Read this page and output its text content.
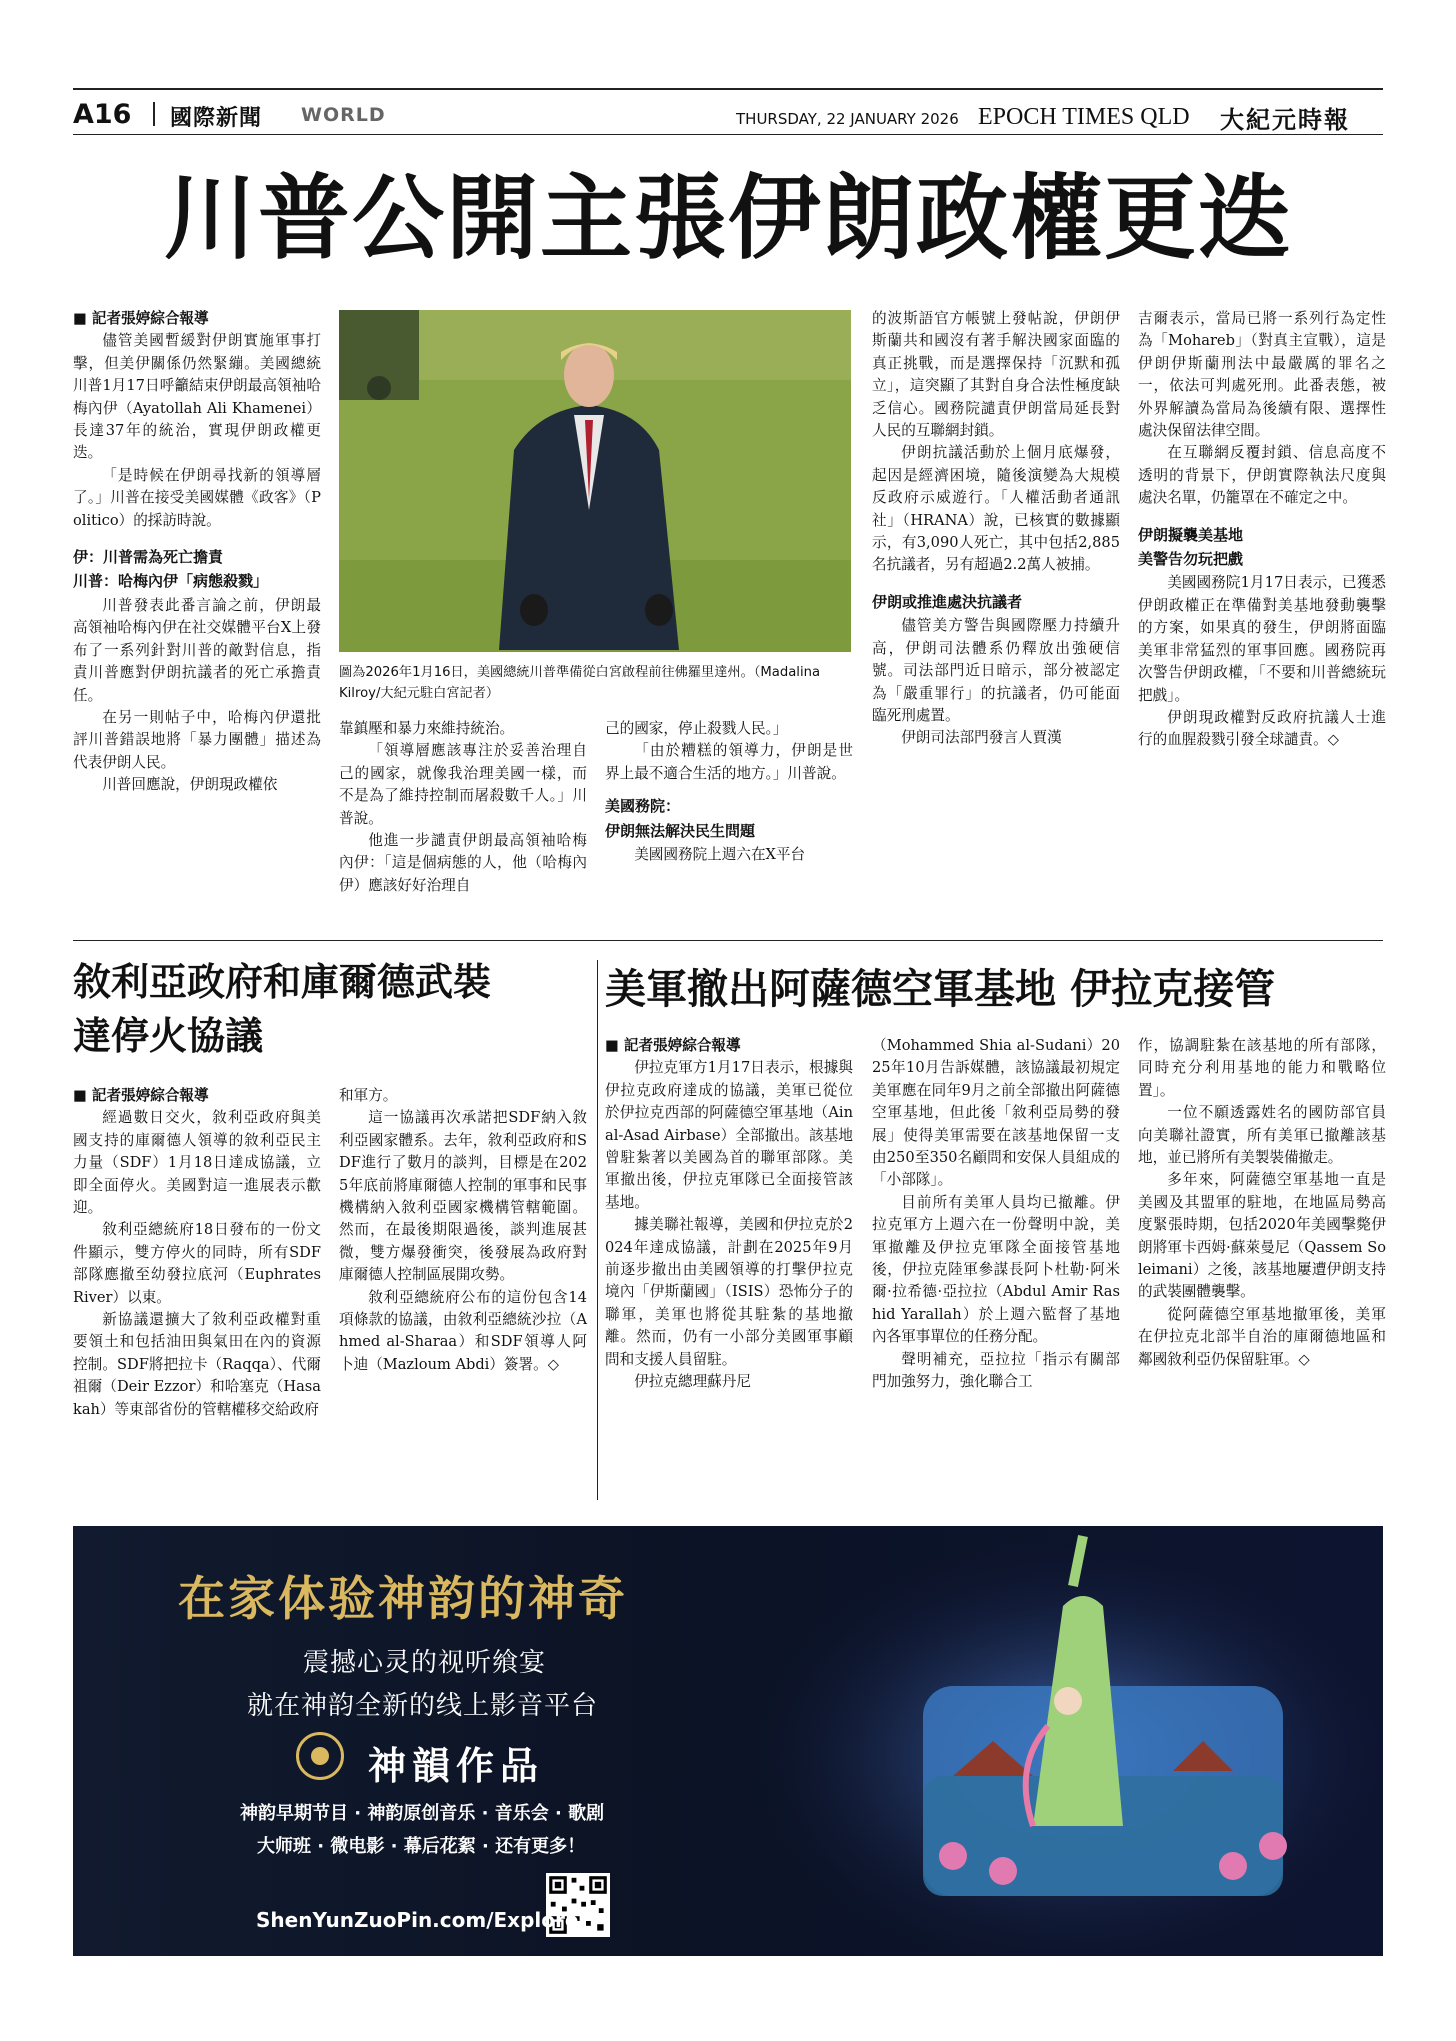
A16 國際新聞 WORLD	THURSDAY, 22 JANUARY 2026 EPOCH TIMES QLD 大紀元時報
川普公開主張伊朗政權更迭

■ 記者張婷綜合報導

儘管美國暫緩對伊朗實施軍事打擊，但美伊關係仍然緊繃。美國總統川普1月17日呼籲結束伊朗最高領袖哈梅內伊（Ayatollah Ali Khamenei）長達37年的統治，實現伊朗政權更迭。

「是時候在伊朗尋找新的領導層了。」川普在接受美國媒體《政客》（Politico）的採訪時說。

伊：川普需為死亡擔責

川普：哈梅內伊「病態殺戮」

川普發表此番言論之前，伊朗最高領袖哈梅內伊在社交媒體平台X上發布了一系列針對川普的敵對信息，指責川普應對伊朗抗議者的死亡承擔責任。

在另一則帖子中，哈梅內伊還批評川普錯誤地將「暴力團體」描述為代表伊朗人民。

川普回應說，伊朗現政權依

圖為2026年1月16日，美國總統川普準備從白宮啟程前往佛羅里達州。（Madalina Kilroy/大紀元駐白宮記者）

靠鎮壓和暴力來維持統治。

「領導層應該專注於妥善治理自己的國家，就像我治理美國一樣，而不是為了維持控制而屠殺數千人。」川普說。

他進一步譴責伊朗最高領袖哈梅內伊：「這是個病態的人，他（哈梅內伊）應該好好治理自

己的國家，停止殺戮人民。」

「由於糟糕的領導力，伊朗是世界上最不適合生活的地方。」川普說。

美國務院：

伊朗無法解決民生問題

美國國務院上週六在X平台

的波斯語官方帳號上發帖說，伊朗伊斯蘭共和國沒有著手解決國家面臨的真正挑戰，而是選擇保持「沉默和孤立」，這突顯了其對自身合法性極度缺乏信心。國務院譴責伊朗當局延長對人民的互聯網封鎖。

伊朗抗議活動於上個月底爆發，起因是經濟困境，隨後演變為大規模反政府示威遊行。「人權活動者通訊社」（HRANA）說，已核實的數據顯示，有3,090人死亡，其中包括2,885名抗議者，另有超過2.2萬人被捕。

伊朗或推進處決抗議者

儘管美方警告與國際壓力持續升高，伊朗司法體系仍釋放出強硬信號。司法部門近日暗示，部分被認定為「嚴重罪行」的抗議者，仍可能面臨死刑處置。

伊朗司法部門發言人賈漢

吉爾表示，當局已將一系列行為定性為「Mohareb」（對真主宣戰），這是伊朗伊斯蘭刑法中最嚴厲的罪名之一，依法可判處死刑。此番表態，被外界解讀為當局為後續有限、選擇性處決保留法律空間。

在互聯網反覆封鎖、信息高度不透明的背景下，伊朗實際執法尺度與處決名單，仍籠罩在不確定之中。

伊朗擬襲美基地

美警告勿玩把戲

美國國務院1月17日表示，已獲悉伊朗政權正在準備對美基地發動襲擊的方案，如果真的發生，伊朗將面臨美軍非常猛烈的軍事回應。國務院再次警告伊朗政權，「不要和川普總統玩把戲」。

伊朗現政權對反政府抗議人士進行的血腥殺戮引發全球譴責。◇

敘利亞政府和庫爾德武裝
達停火協議

■ 記者張婷綜合報導

經過數日交火，敘利亞政府與美國支持的庫爾德人領導的敘利亞民主力量（SDF）1月18日達成協議，立即全面停火。美國對這一進展表示歡迎。

敘利亞總統府18日發布的一份文件顯示，雙方停火的同時，所有SDF部隊應撤至幼發拉底河（Euphrates River）以東。

新協議還擴大了敘利亞政權對重要領土和包括油田與氣田在內的資源控制。SDF將把拉卡（Raqqa）、代爾祖爾（Deir Ezzor）和哈塞克（Hasakah）等東部省份的管轄權移交給政府

和軍方。

這一協議再次承諾把SDF納入敘利亞國家體系。去年，敘利亞政府和SDF進行了數月的談判，目標是在2025年底前將庫爾德人控制的軍事和民事機構納入敘利亞國家機構管轄範圍。然而，在最後期限過後，談判進展甚微，雙方爆發衝突，後發展為政府對庫爾德人控制區展開攻勢。

敘利亞總統府公布的這份包含14項條款的協議，由敘利亞總統沙拉（Ahmed al-Sharaa）和SDF領導人阿卜迪（Mazloum Abdi）簽署。◇

美軍撤出阿薩德空軍基地 伊拉克接管

■ 記者張婷綜合報導

伊拉克軍方1月17日表示，根據與伊拉克政府達成的協議，美軍已從位於伊拉克西部的阿薩德空軍基地（Ain al-Asad Airbase）全部撤出。該基地曾駐紮著以美國為首的聯軍部隊。美軍撤出後，伊拉克軍隊已全面接管該基地。

據美聯社報導，美國和伊拉克於2024年達成協議，計劃在2025年9月前逐步撤出由美國領導的打擊伊拉克境內「伊斯蘭國」（ISIS）恐怖分子的聯軍，美軍也將從其駐紮的基地撤離。然而，仍有一小部分美國軍事顧問和支援人員留駐。

伊拉克總理蘇丹尼

（Mohammed Shia al-Sudani）2025年10月告訴媒體，該協議最初規定美軍應在同年9月之前全部撤出阿薩德空軍基地，但此後「敘利亞局勢的發展」使得美軍需要在該基地保留一支由250至350名顧問和安保人員組成的「小部隊」。

目前所有美軍人員均已撤離。伊拉克軍方上週六在一份聲明中說，美軍撤離及伊拉克軍隊全面接管基地後，伊拉克陸軍參謀長阿卜杜勒·阿米爾·拉希德·亞拉拉（Abdul Amir Rashid Yarallah）於上週六監督了基地內各軍事單位的任務分配。

聲明補充，亞拉拉「指示有關部門加強努力，強化聯合工

作，協調駐紮在該基地的所有部隊，同時充分利用基地的能力和戰略位置」。

一位不願透露姓名的國防部官員向美聯社證實，所有美軍已撤離該基地，並已將所有美製裝備撤走。

多年來，阿薩德空軍基地一直是美國及其盟軍的駐地，在地區局勢高度緊張時期，包括2020年美國擊斃伊朗將軍卡西姆·蘇萊曼尼（Qassem Soleimani）之後，該基地屢遭伊朗支持的武裝團體襲擊。

從阿薩德空軍基地撤軍後，美軍在伊拉克北部半自治的庫爾德地區和鄰國敘利亞仍保留駐軍。◇

在家体验神韵的神奇
震撼心灵的视听飨宴
就在神韵全新的线上影音平台
神韻作品
神韵早期节目 · 神韵原创音乐 · 音乐会 · 歌剧
大师班 · 微电影 · 幕后花絮 · 还有更多！
ShenYunZuoPin.com/Explore
